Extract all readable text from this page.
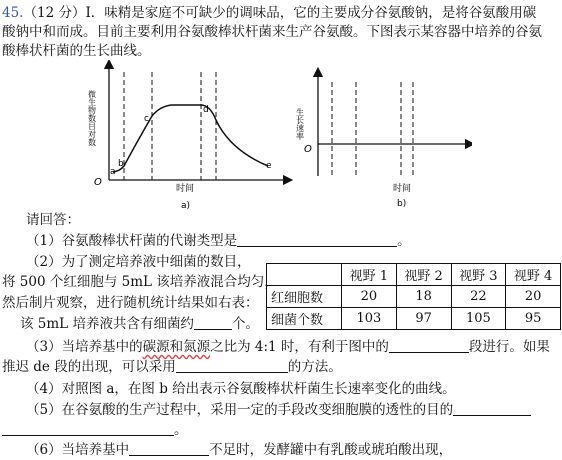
45.（12 分）Ⅰ．味精是家庭不可缺少的调味品，它的主要成分谷氨酸钠，是将谷氨酸用碳
酸钠中和而成。目前主要利用谷氨酸棒状杆菌来生产谷氨酸。下图表示某容器中培养的谷氨
酸棒状杆菌的生长曲线。
a
b
c
d
e
O
时间
a)
微生物数目对数
O
时间
b)
生长速率
请回答：
（1）谷氨酸棒状杆菌的代谢类型是	。
（2）为了测定培养液中细菌的数目，
将 500 个红细胞与 5mL 该培养液混合均匀，
然后制片观察，进行随机统计结果如右表：
该 5mL 培养液共含有细菌约	个。
	视野 1	视野 2	视野 3	视野 4
红细胞数	20	18	22	20
细菌个数	103	97	105	95
（3）当培养基中的碳源和氮源之比为 4:1 时，有利于图中的	段进行。如果
推迟 de 段的出现，可以采用	的方法。
（4）对照图 a，在图 b 给出表示谷氨酸棒状杆菌生长速率变化的曲线。
（5）在谷氨酸的生产过程中，采用一定的手段改变细胞膜的透性的目的
。
（6）当培养基中	不足时，发酵罐中有乳酸或琥珀酸出现，
